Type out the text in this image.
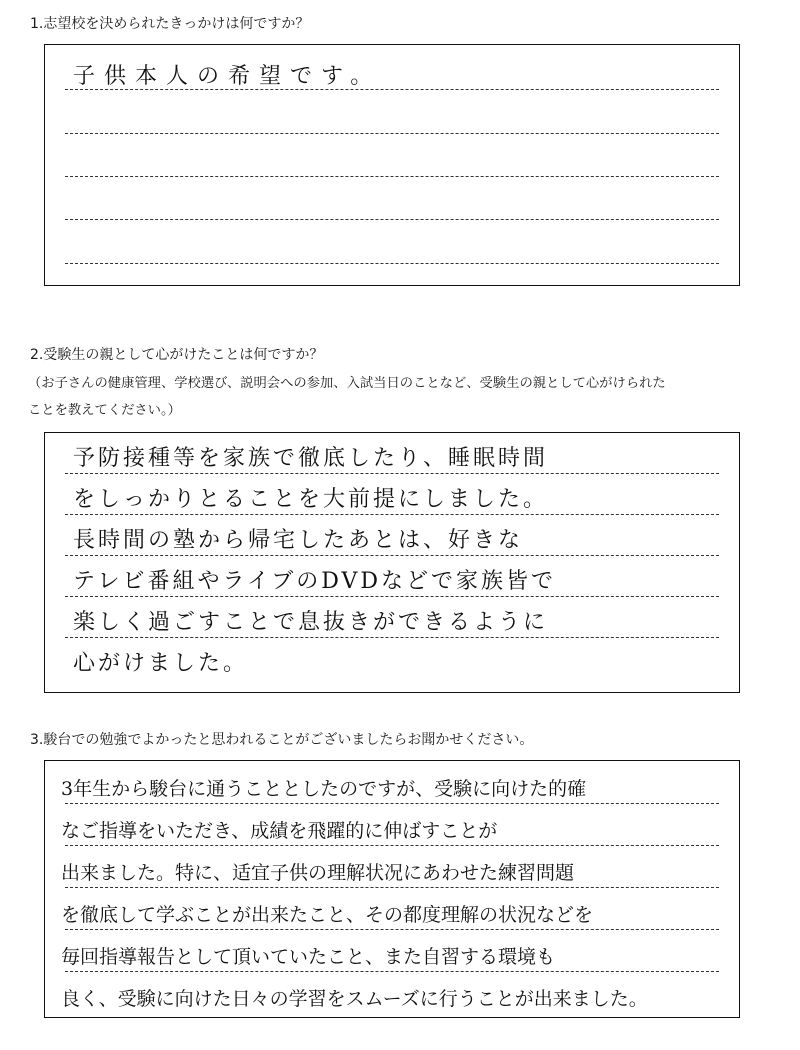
1.志望校を決められたきっかけは何ですか？

子供本人の希望です。

2.受験生の親として心がけたことは何ですか？

（お子さんの健康管理、学校選び、説明会への参加、入試当日のことなど、受験生の親として心がけられた

ことを教えてください。）

予防接種等を家族で徹底したり、睡眠時間
をしっかりとることを大前提にしました。
長時間の塾から帰宅したあとは、好きな
テレビ番組やライブのDVDなどで家族皆で
楽しく過ごすことで息抜きができるように
心がけました。

3.駿台での勉強でよかったと思われることがございましたらお聞かせください。

3年生から駿台に通うこととしたのですが、受験に向けた的確
なご指導をいただき、成績を飛躍的に伸ばすことが
出来ました。特に、适宜子供の理解状况にあわせた練習問題
を徹底して学ぶことが出来たこと、その都度理解の状況などを
毎回指導報告として頂いていたこと、また自習する環境も
良く、受験に向けた日々の学習をスムーズに行うことが出来ました。
